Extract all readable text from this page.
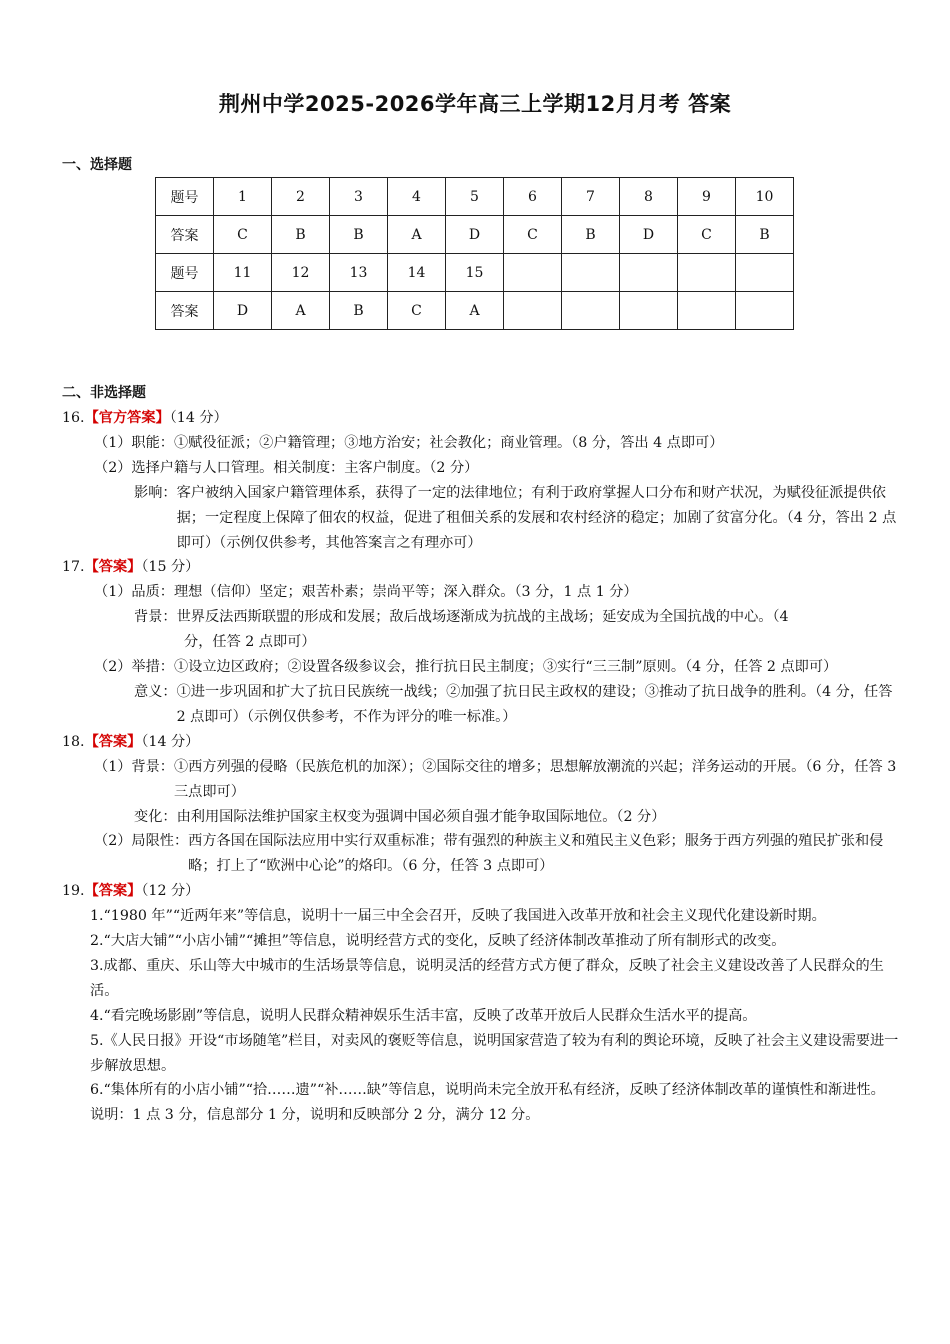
荆州中学2025-2026学年高三上学期12月月考 答案
一、选择题
题号	1	2	3	4	5	6	7	8	9	10
答案	C	B	B	A	D	C	B	D	C	B
题号	11	12	13	14	15					
答案	D	A	B	C	A					
二、非选择题

16.【官方答案】（14 分）

（1）职能：①赋役征派；②户籍管理；③地方治安；社会教化；商业管理。（8 分，答出 4 点即可）

（2）选择户籍与人口管理。相关制度：主客户制度。（2 分）

影响： 客户被纳入国家户籍管理体系，获得了一定的法律地位；有利于政府掌握人口分布和财产状况，为赋役征派提供依据；一定程度上保障了佃农的权益，促进了租佃关系的发展和农村经济的稳定；加剧了贫富分化。（4 分，答出 2 点即可）（示例仅供参考，其他答案言之有理亦可）

17.【答案】（15 分）

（1）品质：理想（信仰）坚定；艰苦朴素；崇尚平等；深入群众。（3 分，1 点 1 分）

背景： 世界反法西斯联盟的形成和发展；敌后战场逐渐成为抗战的主战场；延安成为全国抗战的中心。（4

分，任答 2 点即可）

（2）举措： ①设立边区政府；②设置各级参议会，推行抗日民主制度；③实行“三三制”原则。（4 分，任答 2 点即可）
意义： ①进一步巩固和扩大了抗日民族统一战线；②加强了抗日民主政权的建设；③推动了抗日战争的胜利。（4 分，任答 2 点即可）（示例仅供参考，不作为评分的唯一标准。）

18.【答案】（14 分）

（1）背景： ①西方列强的侵略（民族危机的加深）；②国际交往的增多；思想解放潮流的兴起；洋务运动的开展。（6 分，任答 3 三点即可）

变化：由利用国际法维护国家主权变为强调中国必须自强才能争取国际地位。（2 分）

（2）局限性： 西方各国在国际法应用中实行双重标准；带有强烈的种族主义和殖民主义色彩；服务于西方列强的殖民扩张和侵略；打上了“欧洲中心论”的烙印。（6 分，任答 3 点即可）

19.【答案】（12 分）

1.“1980 年”“近两年来”等信息，说明十一届三中全会召开，反映了我国进入改革开放和社会主义现代化建设新时期。

2.“大店大铺”“小店小铺”“摊担”等信息，说明经营方式的变化，反映了经济体制改革推动了所有制形式的改变。

3.成都、重庆、乐山等大中城市的生活场景等信息，说明灵活的经营方式方便了群众，反映了社会主义建设改善了人民群众的生活。

4.“看完晚场影剧”等信息，说明人民群众精神娱乐生活丰富，反映了改革开放后人民群众生活水平的提高。

5.《人民日报》开设“市场随笔”栏目，对卖风的褒贬等信息，说明国家营造了较为有利的舆论环境，反映了社会主义建设需要进一步解放思想。

6.“集体所有的小店小铺”“拾……遗”“补……缺”等信息，说明尚未完全放开私有经济，反映了经济体制改革的谨慎性和渐进性。

说明：1 点 3 分，信息部分 1 分，说明和反映部分 2 分，满分 12 分。
